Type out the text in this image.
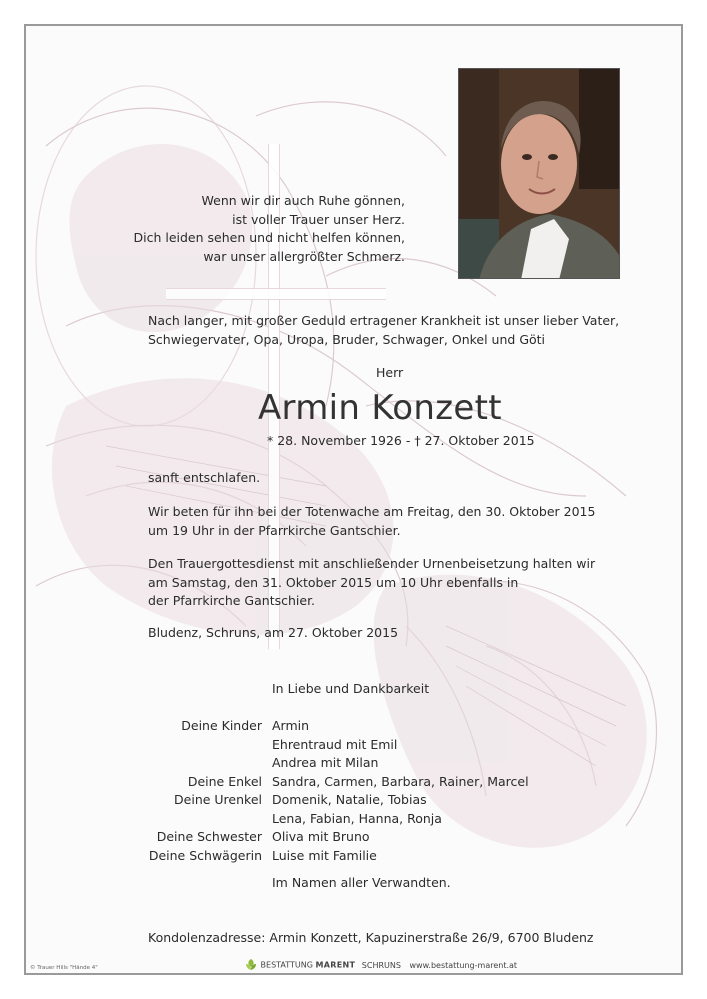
Wenn wir dir auch Ruhe gönnen,
ist voller Trauer unser Herz.
Dich leiden sehen und nicht helfen können,
war unser allergrößter Schmerz.
Nach langer, mit großer Geduld ertragener Krankheit ist unser lieber Vater,
Schwiegervater, Opa, Uropa, Bruder, Schwager, Onkel und Göti
Herr
Armin Konzett
* 28. November 1926 - † 27. Oktober 2015
sanft entschlafen.
Wir beten für ihn bei der Totenwache am Freitag, den 30. Oktober 2015
um 19 Uhr in der Pfarrkirche Gantschier.
Den Trauergottesdienst mit anschließender Urnenbeisetzung halten wir
am Samstag, den 31. Oktober 2015 um 10 Uhr ebenfalls in
der Pfarrkirche Gantschier.
Bludenz, Schruns, am 27. Oktober 2015
In Liebe und Dankbarkeit
Deine Kinder
Deine Enkel
Deine Urenkel
Deine Schwester
Deine Schwägerin
Armin
Ehrentraud mit Emil
Andrea mit Milan
Sandra, Carmen, Barbara, Rainer, Marcel
Domenik, Natalie, Tobias
Lena, Fabian, Hanna, Ronja
Oliva mit Bruno
Luise mit Familie
Im Namen aller Verwandten.
Kondolenzadresse: Armin Konzett, Kapuzinerstraße 26/9, 6700 Bludenz
BESTATTUNG MARENT SCHRUNS www.bestattung-marent.at
© Trauer Hills "Hände 4"
